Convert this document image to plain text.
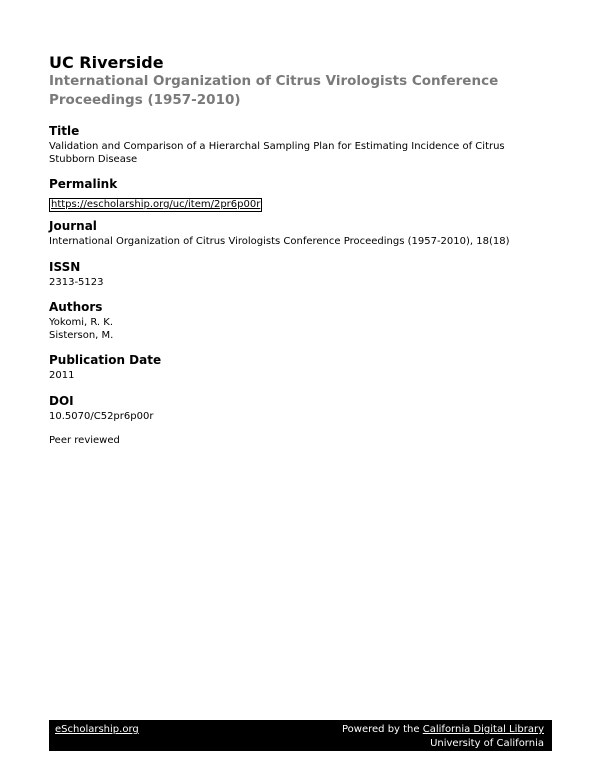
UC Riverside
International Organization of Citrus Virologists Conference Proceedings (1957-2010)
Title
Validation and Comparison of a Hierarchal Sampling Plan for Estimating Incidence of Citrus Stubborn Disease
Permalink
https://escholarship.org/uc/item/2pr6p00r
Journal
International Organization of Citrus Virologists Conference Proceedings (1957-2010), 18(18)
ISSN
2313-5123
Authors
Yokomi, R. K.
Sisterson, M.
Publication Date
2011
DOI
10.5070/C52pr6p00r
Peer reviewed
eScholarship.org	Powered by the California Digital Library
University of California
